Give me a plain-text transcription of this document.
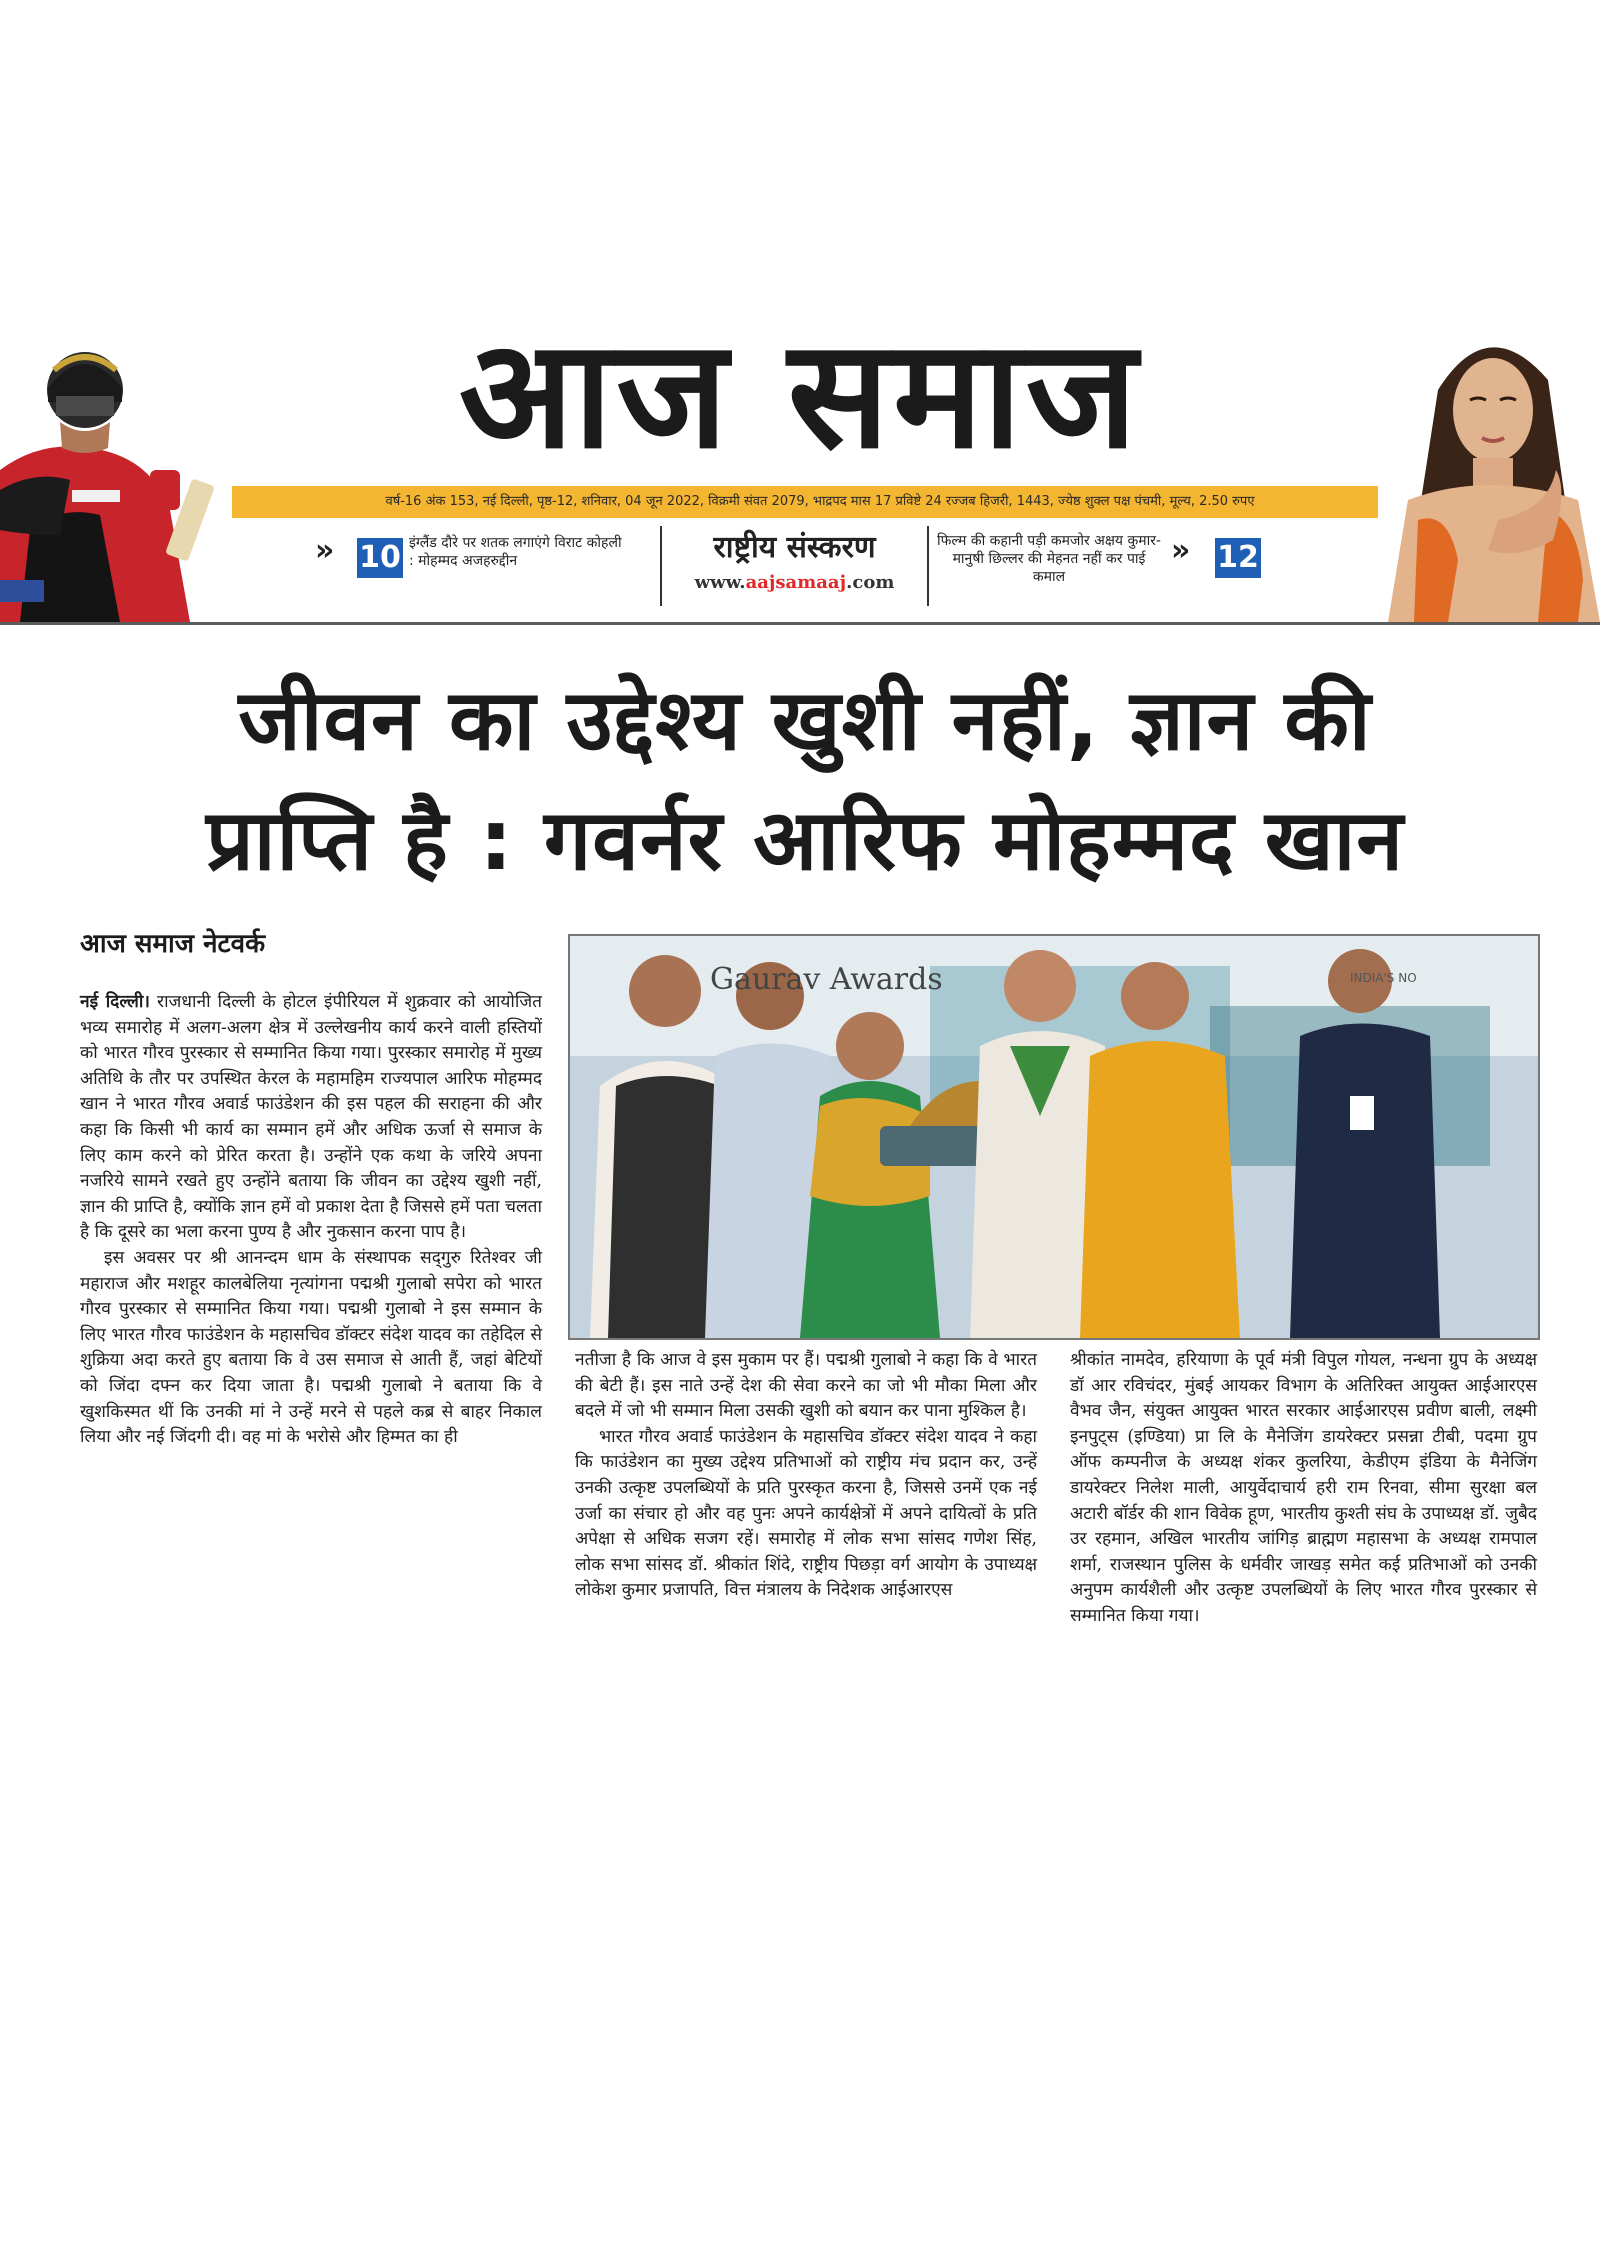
आज समाज
वर्ष-16 अंक 153, नई दिल्ली, पृष्ठ-12, शनिवार, 04 जून 2022, विक्रमी संवत 2079, भाद्रपद मास 17 प्रविष्टे 24 रज्जब हिजरी, 1443, ज्येष्ठ शुक्ल पक्ष पंचमी, मूल्य, 2.50 रुपए
» 10 इंग्लैंड दौरे पर शतक लगाएंगे विराट कोहली : मोहम्मद अजहरुद्दीन	राष्ट्रीय संस्करण
www.aajsamaaj.com
फिल्म की कहानी पड़ी कमजोर अक्षय कुमार-मानुषी छिल्लर की मेहनत नहीं कर पाई कमाल
» 12
जीवन का उद्देश्य खुशी नहीं, ज्ञान की
प्राप्ति है : गवर्नर आरिफ मोहम्मद खान
आज समाज नेटवर्क

नई दिल्ली। राजधानी दिल्ली के होटल इंपीरियल में शुक्रवार को आयोजित भव्य समारोह में अलग-अलग क्षेत्र में उल्लेखनीय कार्य करने वाली हस्तियों को भारत गौरव पुरस्कार से सम्मानित किया गया। पुरस्कार समारोह में मुख्य अतिथि के तौर पर उपस्थित केरल के महामहिम राज्यपाल आरिफ मोहम्मद खान ने भारत गौरव अवार्ड फाउंडेशन की इस पहल की सराहना की और कहा कि किसी भी कार्य का सम्मान हमें और अधिक ऊर्जा से समाज के लिए काम करने को प्रेरित करता है। उन्होंने एक कथा के जरिये अपना नजरिये सामने रखते हुए उन्होंने बताया कि जीवन का उद्देश्य खुशी नहीं, ज्ञान की प्राप्ति है, क्योंकि ज्ञान हमें वो प्रकाश देता है जिससे हमें पता चलता है कि दूसरे का भला करना पुण्य है और नुकसान करना पाप है।

इस अवसर पर श्री आनन्दम धाम के संस्थापक सद्‌गुरु रितेश्वर जी महाराज और मशहूर कालबेलिया नृत्यांगना पद्मश्री गुलाबो सपेरा को भारत गौरव पुरस्कार से सम्मानित किया गया। पद्मश्री गुलाबो ने इस सम्मान के लिए भारत गौरव फाउंडेशन के महासचिव डॉक्टर संदेश यादव का तहेदिल से शुक्रिया अदा करते हुए बताया कि वे उस समाज से आती हैं, जहां बेटियों को जिंदा दफ्न कर दिया जाता है। पद्मश्री गुलाबो ने बताया कि वे खुशकिस्मत थीं कि उनकी मां ने उन्हें मरने से पहले कब्र से बाहर निकाल लिया और नई जिंदगी दी। वह मां के भरोसे और हिम्मत का ही

Gaurav Awards	INDIA'S NO

नतीजा है कि आज वे इस मुकाम पर हैं। पद्मश्री गुलाबो ने कहा कि वे भारत की बेटी हैं। इस नाते उन्हें देश की सेवा करने का जो भी मौका मिला और बदले में जो भी सम्मान मिला उसकी खुशी को बयान कर पाना मुश्किल है।

भारत गौरव अवार्ड फाउंडेशन के महासचिव डॉक्टर संदेश यादव ने कहा कि फाउंडेशन का मुख्य उद्देश्य प्रतिभाओं को राष्ट्रीय मंच प्रदान कर, उन्हें उनकी उत्कृष्ट उपलब्धियों के प्रति पुरस्कृत करना है, जिससे उनमें एक नई उर्जा का संचार हो और वह पुनः अपने कार्यक्षेत्रों में अपने दायित्वों के प्रति अपेक्षा से अधिक सजग रहें। समारोह में लोक सभा सांसद गणेश सिंह, लोक सभा सांसद डॉ. श्रीकांत शिंदे, राष्ट्रीय पिछड़ा वर्ग आयोग के उपाध्यक्ष लोकेश कुमार प्रजापति, वित्त मंत्रालय के निदेशक आईआरएस

श्रीकांत नामदेव, हरियाणा के पूर्व मंत्री विपुल गोयल, नन्धना ग्रुप के अध्यक्ष डॉ आर रविचंदर, मुंबई आयकर विभाग के अतिरिक्त आयुक्त आईआरएस वैभव जैन, संयुक्त आयुक्त भारत सरकार आईआरएस प्रवीण बाली, लक्ष्मी इनपुट्स (इण्डिया) प्रा लि के मैनेजिंग डायरेक्टर प्रसन्ना टीबी, पदमा ग्रुप ऑफ कम्पनीज के अध्यक्ष शंकर कुलरिया, केडीएम इंडिया के मैनेजिंग डायरेक्टर निलेश माली, आयुर्वेदाचार्य हरी राम रिनवा, सीमा सुरक्षा बल अटारी बॉर्डर की शान विवेक हूण, भारतीय कुश्ती संघ के उपाध्यक्ष डॉ. जुबैद उर रहमान, अखिल भारतीय जांगिड़ ब्राह्मण महासभा के अध्यक्ष रामपाल शर्मा, राजस्थान पुलिस के धर्मवीर जाखड़ समेत कई प्रतिभाओं को उनकी अनुपम कार्यशैली और उत्कृष्ट उपलब्धियों के लिए भारत गौरव पुरस्कार से सम्मानित किया गया।
